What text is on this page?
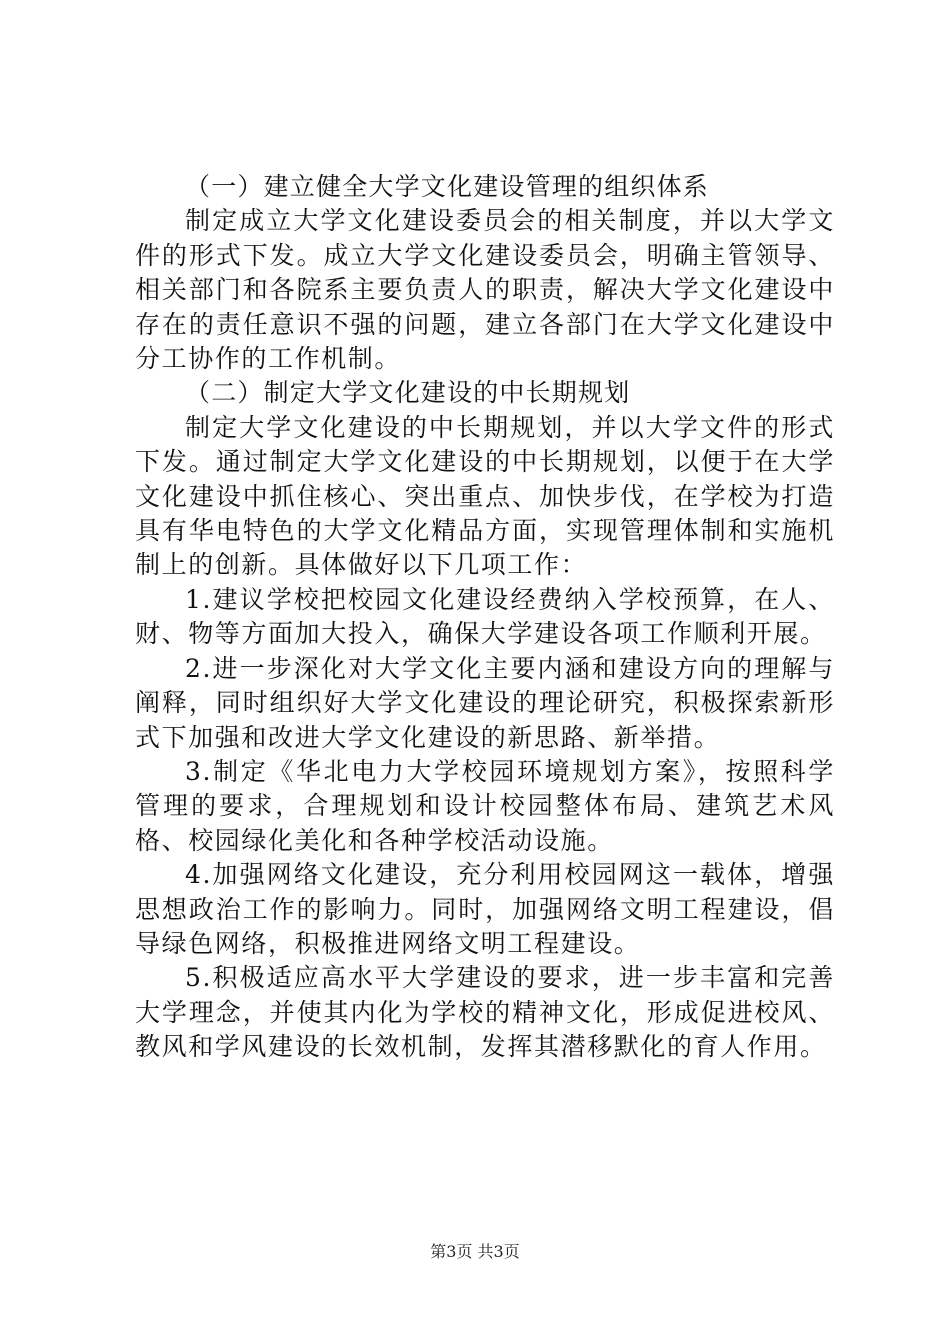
（一）建立健全大学文化建设管理的组织体系

制定成立大学文化建设委员会的相关制度，并以大学文件的形式下发。成立大学文化建设委员会，明确主管领导、相关部门和各院系主要负责人的职责，解决大学文化建设中存在的责任意识不强的问题，建立各部门在大学文化建设中分工协作的工作机制。

（二）制定大学文化建设的中长期规划

制定大学文化建设的中长期规划，并以大学文件的形式下发。通过制定大学文化建设的中长期规划，以便于在大学文化建设中抓住核心、突出重点、加快步伐，在学校为打造具有华电特色的大学文化精品方面，实现管理体制和实施机制上的创新。具体做好以下几项工作：

1.建议学校把校园文化建设经费纳入学校预算，在人、财、物等方面加大投入，确保大学建设各项工作顺利开展。

2.进一步深化对大学文化主要内涵和建设方向的理解与阐释，同时组织好大学文化建设的理论研究，积极探索新形式下加强和改进大学文化建设的新思路、新举措。

3.制定《华北电力大学校园环境规划方案》，按照科学管理的要求，合理规划和设计校园整体布局、建筑艺术风格、校园绿化美化和各种学校活动设施。

4.加强网络文化建设，充分利用校园网这一载体，增强思想政治工作的影响力。同时，加强网络文明工程建设，倡导绿色网络，积极推进网络文明工程建设。

5.积极适应高水平大学建设的要求，进一步丰富和完善大学理念，并使其内化为学校的精神文化，形成促进校风、教风和学风建设的长效机制，发挥其潜移默化的育人作用。

第3页 共3页
